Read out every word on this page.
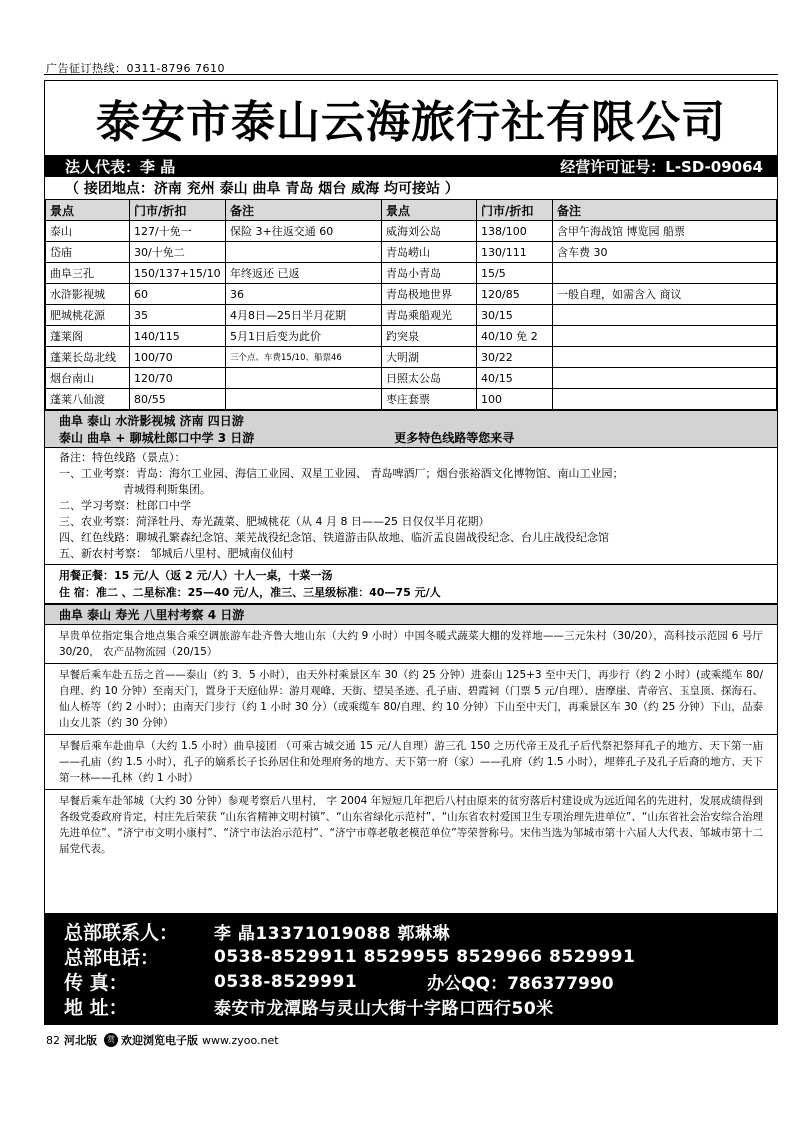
广告征订热线：0311-8796 7610
泰安市泰山云海旅行社有限公司
法人代表：李 晶	经营许可证号：L-SD-09064
（ 接团地点：济南 兖州 泰山 曲阜 青岛 烟台 威海 均可接站 ）
景点	门市/折扣	备注	景点	门市/折扣	备注
泰山	127/十免一	保险 3+往返交通 60	威海刘公岛	138/100	含甲午海战馆 博览园 船票
岱庙	30/十免二		青岛崂山	130/111	含车费 30
曲阜三孔	150/137+15/10	年终返还 已返	青岛小青岛	15/5	
水浒影视城	60	36	青岛极地世界	120/85	一般自理，如需含入 商议
肥城桃花源	35	4月8日—25日半月花期	青岛乘船观光	30/15	
蓬莱阁	140/115	5月1日后变为此价	趵突泉	40/10 免 2	
蓬莱长岛北线	100/70	三个点、车费15/10、船票46	大明湖	30/22	
烟台南山	120/70		日照太公岛	40/15	
蓬莱八仙渡	80/55		枣庄套票	100	
曲阜 泰山 水浒影视城 济南 四日游
泰山 曲阜 + 聊城杜郎口中学 3 日游	更多特色线路等您来寻
备注：特色线路（景点）：
一、工业考察：青岛：海尔工业园、海信工业园、双星工业园、 青岛啤酒厂；烟台张裕酒文化博物馆、南山工业园；
青城得利斯集团。
二、学习考察：杜郎口中学
三、农业考察：菏泽牡丹、寿光蔬菜、肥城桃花（从 4 月 8 日——25 日仅仅半月花期）
四、红色线路：聊城孔繁森纪念馆、莱芜战役纪念馆、铁道游击队故地、临沂孟良崮战役纪念、台儿庄战役纪念馆
五、新农村考察： 邹城后八里村、肥城南仪仙村
用餐正餐：15 元/人（返 2 元/人）十人一桌，十菜一汤
住 宿：准二 、二星标准：25—40 元/人，准三、三星级标准：40—75 元/人
曲阜 泰山 寿光 八里村考察 4 日游
早贵单位指定集合地点集合乘空调旅游车赴齐鲁大地山东（大约 9 小时）中国冬暖式蔬菜大棚的发祥地——三元朱村（30/20），高科技示范园 6 号厅 30/20， 农产品物流园（20/15）
早餐后乘车赴五岳之首——泰山（约 3．5 小时），由天外村乘景区车 30（约 25 分钟）进泰山 125+3 至中天门，再步行（约 2 小时）(或乘缆车 80/自理、约 10 分钟）至南天门，置身于天庭仙界：游月观峰、天街、望吴圣迹、孔子庙、碧霞祠（门票 5 元/自理）、唐摩崖、青帝宫、玉皇顶、探海石、仙人桥等（约 2 小时）；由南天门步行（约 1 小时 30 分）（或乘缆车 80/自理、约 10 分钟）下山至中天门，再乘景区车 30（约 25 分钟）下山，品泰山女儿茶（约 30 分钟）
早餐后乘车赴曲阜（大约 1.5 小时）曲阜接团 （可乘古城交通 15 元/人自理）游三孔 150 之历代帝王及孔子后代祭祀祭拜孔子的地方、天下第一庙——孔庙（约 1.5 小时），孔子的嫡系长子长孙居住和处理府务的地方、天下第一府（家）——孔府（约 1.5 小时），埋葬孔子及孔子后裔的地方、天下第一林——孔林（约 1 小时）
早餐后乘车赴邹城（大约 30 分钟）参观考察后八里村， 字 2004 年短短几年把后八村由原来的贫穷落后村建设成为远近闻名的先进村，发展成绩得到各级党委政府肯定，村庄先后荣获 “山东省精神文明村镇”、“山东省绿化示范村”、“山东省农村爱国卫生专项治理先进单位”、“山东省社会治安综合治理先进单位”、“济宁市文明小康村”、“济宁市法治示范村”、“济宁市尊老敬老模范单位”等荣誉称号。宋伟当选为邹城市第十六届人大代表、邹城市第十二届党代表。
总部联系人：	李 晶13371019088 郭琳琳
总部电话：	0538-8529911 8529955 8529966 8529991
传 真：	0538-8529991	办公QQ：786377990
地 址：	泰安市龙潭路与灵山大街十字路口西行50米
82 河北版	赏 欢迎浏览电子版 www.zyoo.net
